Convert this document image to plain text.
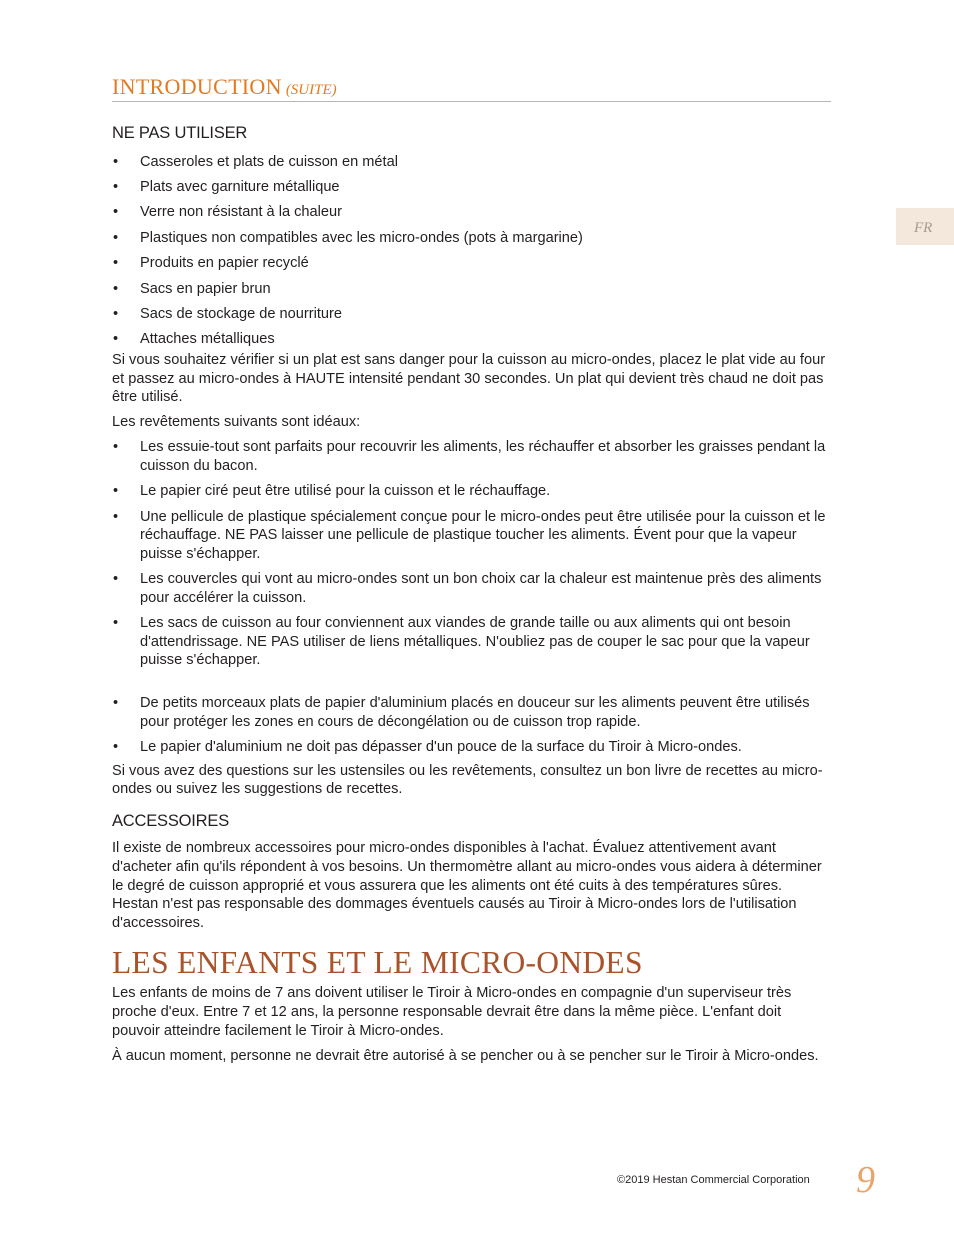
INTRODUCTION (SUITE)
FR
NE PAS UTILISER
• Casseroles et plats de cuisson en métal
• Plats avec garniture métallique
• Verre non résistant à la chaleur
• Plastiques non compatibles avec les micro-ondes (pots à margarine)
• Produits en papier recyclé
• Sacs en papier brun
• Sacs de stockage de nourriture
• Attaches métalliques

Si vous souhaitez vérifier si un plat est sans danger pour la cuisson au micro-ondes, placez le plat vide au four et passez au micro-ondes à HAUTE intensité pendant 30 secondes. Un plat qui devient très chaud ne doit pas être utilisé.

Les revêtements suivants sont idéaux:

• Les essuie-tout sont parfaits pour recouvrir les aliments, les réchauffer et absorber les graisses pendant la cuisson du bacon.
• Le papier ciré peut être utilisé pour la cuisson et le réchauffage.
• Une pellicule de plastique spécialement conçue pour le micro-ondes peut être utilisée pour la cuisson et le réchauffage. NE PAS laisser une pellicule de plastique toucher les aliments. Évent pour que la vapeur puisse s'échapper.
• Les couvercles qui vont au micro-ondes sont un bon choix car la chaleur est maintenue près des aliments pour accélérer la cuisson.
• Les sacs de cuisson au four conviennent aux viandes de grande taille ou aux aliments qui ont besoin d'attendrissage. NE PAS utiliser de liens métalliques. N'oubliez pas de couper le sac pour que la vapeur puisse s'échapper.
• De petits morceaux plats de papier d'aluminium placés en douceur sur les aliments peuvent être utilisés pour protéger les zones en cours de décongélation ou de cuisson trop rapide.
• Le papier d'aluminium ne doit pas dépasser d'un pouce de la surface du Tiroir à Micro-ondes.

Si vous avez des questions sur les ustensiles ou les revêtements, consultez un bon livre de recettes au micro-ondes ou suivez les suggestions de recettes.

ACCESSOIRES

Il existe de nombreux accessoires pour micro-ondes disponibles à l'achat. Évaluez attentivement avant d'acheter afin qu'ils répondent à vos besoins. Un thermomètre allant au micro-ondes vous aidera à déterminer le degré de cuisson approprié et vous assurera que les aliments ont été cuits à des températures sûres. Hestan n'est pas responsable des dommages éventuels causés au Tiroir à Micro-ondes lors de l'utilisation d'accessoires.

LES ENFANTS ET LE MICRO-ONDES

Les enfants de moins de 7 ans doivent utiliser le Tiroir à Micro-ondes en compagnie d'un superviseur très proche d'eux. Entre 7 et 12 ans, la personne responsable devrait être dans la même pièce. L'enfant doit pouvoir atteindre facilement le Tiroir à Micro-ondes.

À aucun moment, personne ne devrait être autorisé à se pencher ou à se pencher sur le Tiroir à Micro-ondes.

©2019 Hestan Commercial Corporation 9
